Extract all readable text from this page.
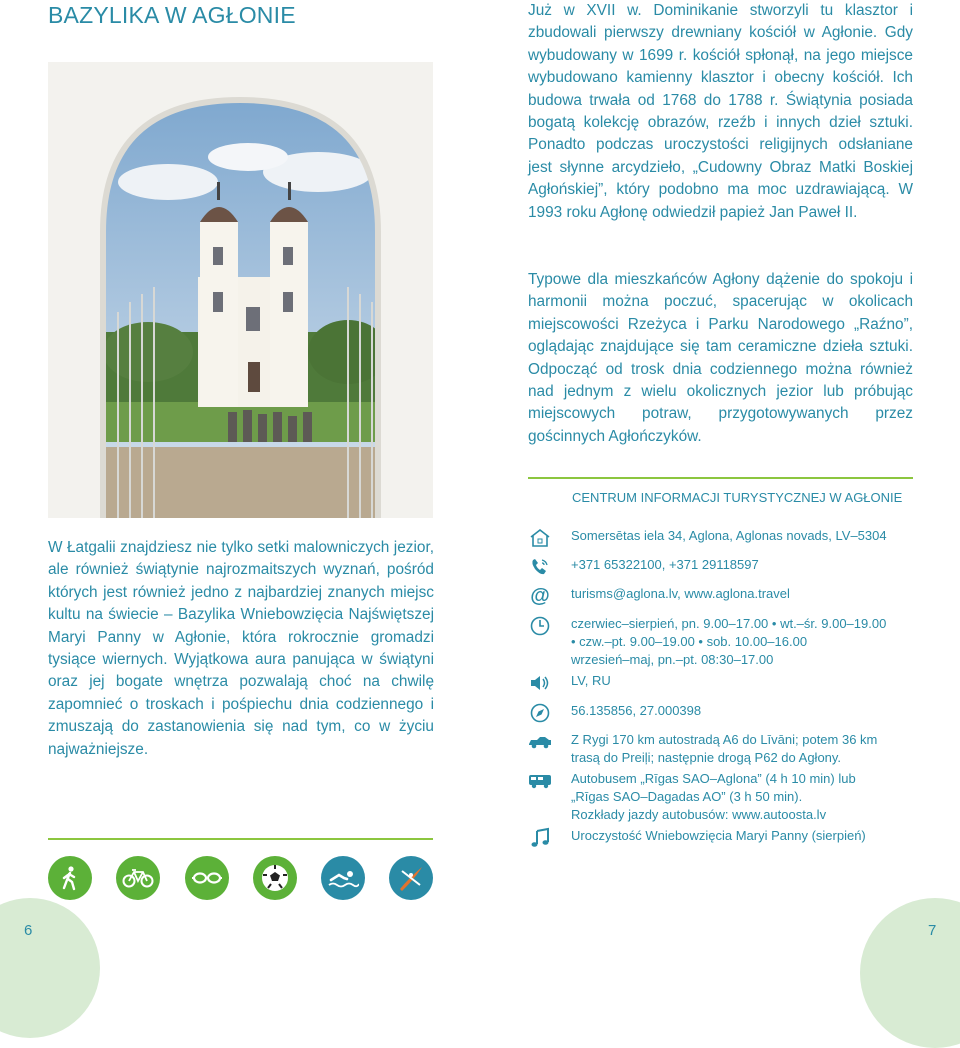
BAZYLIKA W AGŁONIE	Już w XVII w. Dominikanie stworzyli tu klasztor i zbudowali pierwszy drewniany kościół w Agłonie. Gdy wybudowany w 1699 r. kościół spłonął, na jego miejsce wybudowano kamienny klasztor i obecny kościół. Ich budowa trwała od 1768 do 1788 r. Świątynia posiada bogatą kolekcję obrazów, rzeźb i innych dzieł sztuki. Ponadto podczas uroczystości religijnych odsłaniane jest słynne arcydzieło, „Cudowny Obraz Matki Boskiej Agłońskiej”, który podobno ma moc uzdrawiającą. W 1993 roku Agłonę odwiedził papież Jan Paweł II.
Typowe dla mieszkańców Agłony dążenie do spokoju i harmonii można poczuć, spacerując w okolicach miejscowości Rzeżyca i Parku Narodowego „Raźno”, oglądając znajdujące się tam ceramiczne dzieła sztuki. Odpocząć od trosk dnia codziennego można również nad jednym z wielu okolicznych jezior lub próbując miejscowych potraw, przygotowywanych przez gościnnych Agłończyków.
CENTRUM INFORMACJI TURYSTYCZNEJ W AGŁONIE
Somersētas iela 34, Aglona, Aglonas novads, LV–5304
+371 65322100, +371 29118597
@ turisms@aglona.lv, www.aglona.travel
czerwiec–sierpień, pn. 9.00–17.00 • wt.–śr. 9.00–19.00
• czw.–pt. 9.00–19.00 • sob. 10.00–16.00
wrzesień–maj, pn.–pt. 08:30–17.00
LV, RU
56.135856, 27.000398
Z Rygi 170 km autostradą A6 do Līvāni; potem 36 km
trasą do Preiļi; następnie drogą P62 do Agłony.
Autobusem „Rīgas SAO–Aglona” (4 h 10 min) lub
„Rīgas SAO–Dagadas AO” (3 h 50 min).
Rozkłady jazdy autobusów: www.autoosta.lv
Uroczystość Wniebowzięcia Maryi Panny (sierpień)
W Łatgalii znajdziesz nie tylko setki malowniczych jezior, ale również świątynie najrozmaitszych wyznań, pośród których jest również jedno z najbardziej znanych miejsc kultu na świecie – Bazylika Wniebowzięcia Najświętszej Maryi Panny w Agłonie, która rokrocznie gromadzi tysiące wiernych. Wyjątkowa aura panująca w świątyni oraz jej bogate wnętrza pozwalają choć na chwilę zapomnieć o troskach i pośpiechu dnia codziennego i zmuszają do zastanowienia się nad tym, co w życiu najważniejsze.
6	7
